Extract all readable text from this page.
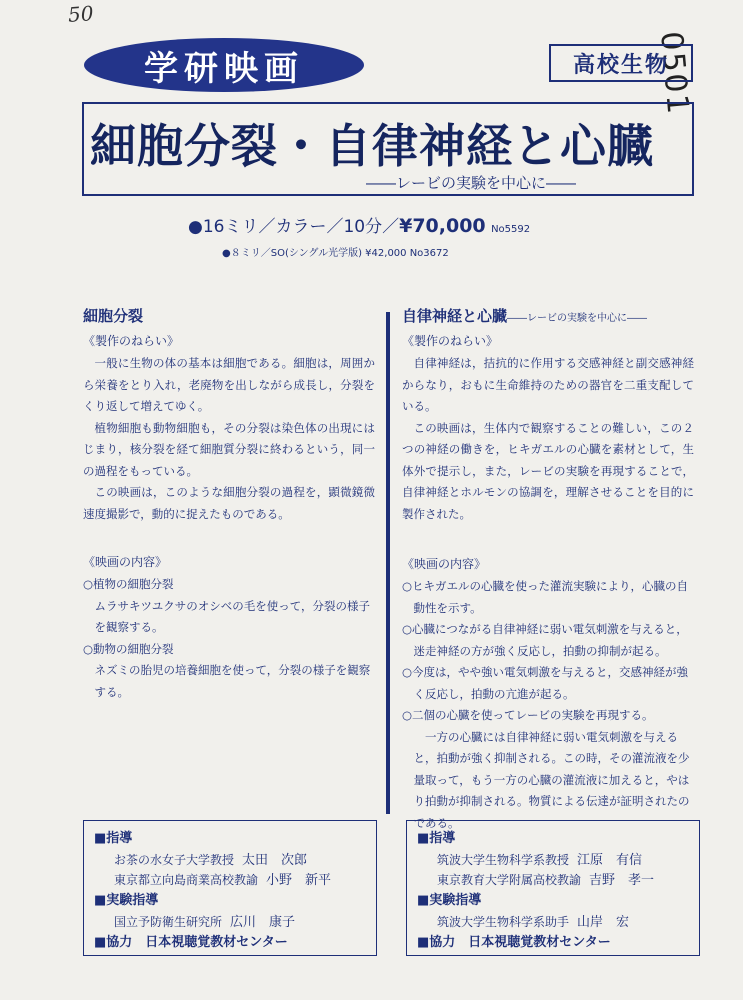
50
0501
学研映画	高校生物
細胞分裂・自律神経と心臓
――レービの実験を中心に――
●16ミリ／カラー／10分／¥70,000 No5592
●８ミリ／SO(シングル光学版) ¥42,000 No3672
細胞分裂
《製作のねらい》

一般に生物の体の基本は細胞である。細胞は，周囲から栄養をとり入れ，老廃物を出しながら成長し，分裂をくり返して増えてゆく。

植物細胞も動物細胞も，その分裂は染色体の出現にはじまり，核分裂を経て細胞質分裂に終わるという，同一の過程をもっている。

この映画は，このような細胞分裂の過程を，顕微鏡微速度撮影で，動的に捉えたものである。

《映画の内容》

○植物の細胞分裂

ムラサキツユクサのオシベの毛を使って，分裂の様子を観察する。

○動物の細胞分裂

ネズミの胎児の培養細胞を使って，分裂の様子を観察する。

自律神経と心臓――レービの実験を中心に――
《製作のねらい》

自律神経は，拮抗的に作用する交感神経と副交感神経からなり，おもに生命維持のための器官を二重支配している。

この映画は，生体内で観察することの難しい，この２つの神経の働きを，ヒキガエルの心臓を素材として，生体外で提示し，また，レービの実験を再現することで，自律神経とホルモンの協調を，理解させることを目的に製作された。

《映画の内容》

○ヒキガエルの心臓を使った灌流実験により，心臓の自動性を示す。

○心臓につながる自律神経に弱い電気刺激を与えると，迷走神経の方が強く反応し，拍動の抑制が起る。

○今度は，やや強い電気刺激を与えると，交感神経が強く反応し，拍動の亢進が起る。

○二個の心臓を使ってレービの実験を再現する。

一方の心臓には自律神経に弱い電気刺激を与えると，拍動が強く抑制される。この時，その灌流液を少量取って，もう一方の心臓の灌流液に加えると，やはり拍動が抑制される。物質による伝達が証明されたのである。

■指導
お茶の水女子大学教授 太田　次郎
東京都立向島商業高校教諭 小野　新平
■実験指導
国立予防衛生研究所 広川　康子
■協力　日本視聴覚教材センター
■指導
筑波大学生物科学系教授 江原　有信
東京教育大学附属高校教諭 吉野　孝一
■実験指導
筑波大学生物科学系助手 山岸　宏
■協力　日本視聴覚教材センター
